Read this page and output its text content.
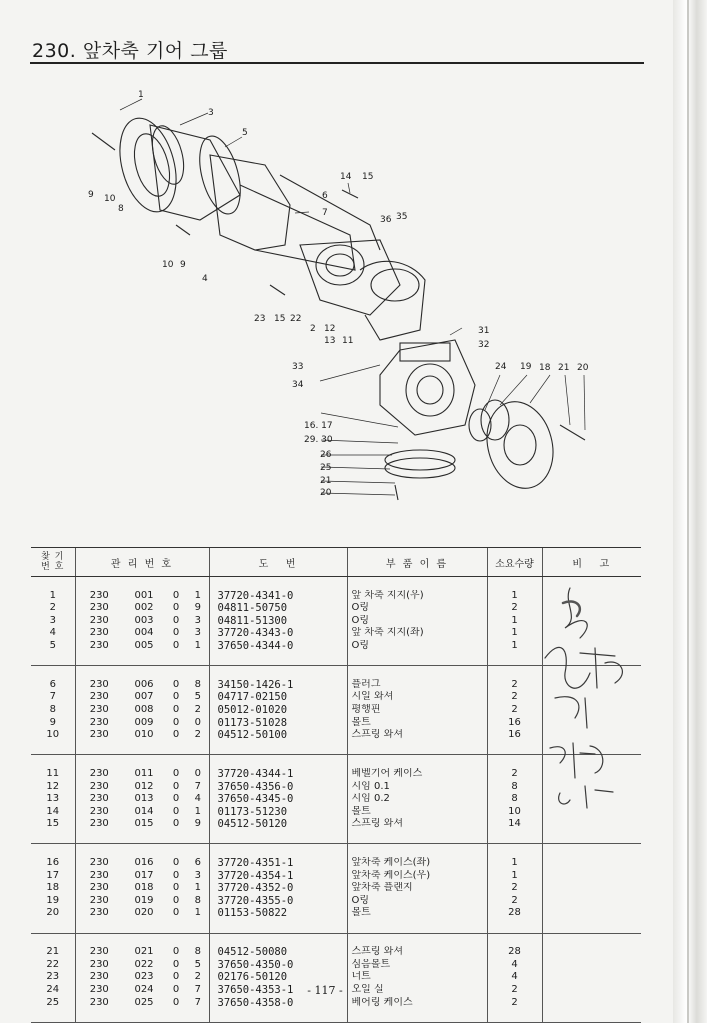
230. 앞차축 기어 그룹
1
3
5
9 10
8
10 9
4
6
7
14 15
36 35
23 15 22
2 12
13 11
31
32
33
34
24 19 18 21 20
16. 17
29. 30
26
25
21
20
찾 기
번 호	관 리 번 호				도   번	부 품 이 름	소요수량	비   고

1	230	001	0	1	37720-4341-0	앞 차축 지지(우)	1	
2	230	002	0	9	04811-50750	O링	2	
3	230	003	0	3	04811-51300	O링	1	
4	230	004	0	3	37720-4343-0	앞 차축 지지(좌)	1	
5	230	005	0	1	37650-4344-0	O링	1	

6	230	006	0	8	34150-1426-1	플러그	2	
7	230	007	0	5	04717-02150	시일 와셔	2	
8	230	008	0	2	05012-01020	평행핀	2	
9	230	009	0	0	01173-51028	볼트	16	
10	230	010	0	2	04512-50100	스프링 와셔	16	

11	230	011	0	0	37720-4344-1	베벨기어 케이스	2	
12	230	012	0	7	37650-4356-0	시임 0.1	8	
13	230	013	0	4	37650-4345-0	시임 0.2	8	
14	230	014	0	1	01173-51230	볼트	10	
15	230	015	0	9	04512-50120	스프링 와셔	14	

16	230	016	0	6	37720-4351-1	앞차축 케이스(좌)	1	
17	230	017	0	3	37720-4354-1	앞차축 케이스(우)	1	
18	230	018	0	1	37720-4352-0	앞차축 플랜지	2	
19	230	019	0	8	37720-4355-0	O링	2	
20	230	020	0	1	01153-50822	볼트	28	

21	230	021	0	8	04512-50080	스프링 와셔	28	
22	230	022	0	5	37650-4350-0	심음볼트	4	
23	230	023	0	2	02176-50120	너트	4	
24	230	024	0	7	37650-4353-1	오일 실	2	
25	230	025	0	7	37650-4358-0	베어링 케이스	2	

기어 / 그룹
- 117 -
